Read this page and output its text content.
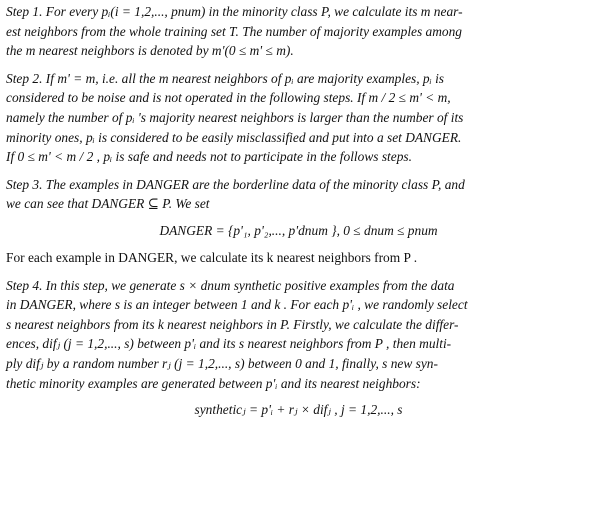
Step 1. For every pᵢ(i = 1,2,..., pnum) in the minority class P, we calculate its m near-
est neighbors from the whole training set T. The number of majority examples among
the m nearest neighbors is denoted by m'(0 ≤ m' ≤ m).
Step 2. If m' = m, i.e. all the m nearest neighbors of pᵢ are majority examples, pᵢ is
considered to be noise and is not operated in the following steps. If m / 2 ≤ m' < m,
namely the number of pᵢ 's majority nearest neighbors is larger than the number of its
minority ones, pᵢ is considered to be easily misclassified and put into a set DANGER.
If 0 ≤ m' < m / 2 , pᵢ is safe and needs not to participate in the follows steps.
Step 3. The examples in DANGER are the borderline data of the minority class P, and
we can see that DANGER ⊆ P. We set
DANGER = {p'₁, p'₂,..., p'dnum }, 0 ≤ dnum ≤ pnum
For each example in DANGER, we calculate its k nearest neighbors from P .
Step 4. In this step, we generate s × dnum synthetic positive examples from the data
in DANGER, where s is an integer between 1 and k . For each p'ᵢ , we randomly select
s nearest neighbors from its k nearest neighbors in P. Firstly, we calculate the differ-
ences, difⱼ (j = 1,2,..., s) between p'ᵢ and its s nearest neighbors from P , then multi-
ply difⱼ by a random number rⱼ (j = 1,2,..., s) between 0 and 1, finally, s new syn-
thetic minority examples are generated between p'ᵢ and its nearest neighbors:
syntheticⱼ = p'ᵢ + rⱼ × difⱼ , j = 1,2,..., s
